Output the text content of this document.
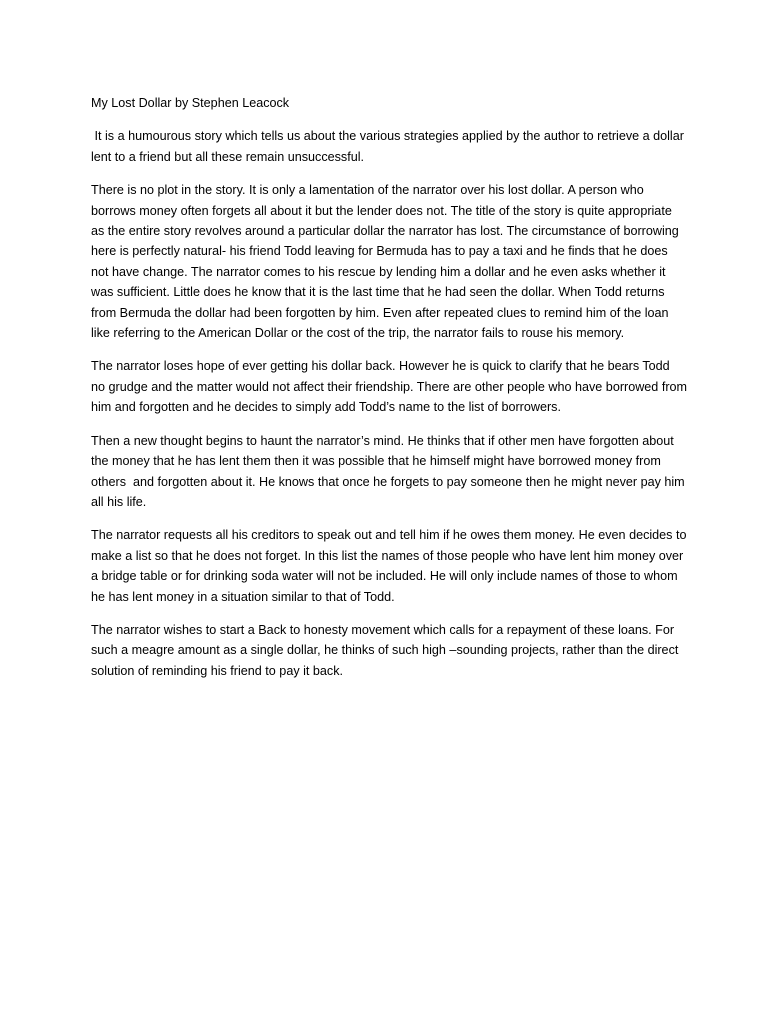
My Lost Dollar by Stephen Leacock

It is a humourous story which tells us about the various strategies applied by the author to retrieve a dollar lent to a friend but all these remain unsuccessful.

There is no plot in the story. It is only a lamentation of the narrator over his lost dollar. A person who borrows money often forgets all about it but the lender does not. The title of the story is quite appropriate as the entire story revolves around a particular dollar the narrator has lost. The circumstance of borrowing here is perfectly natural- his friend Todd leaving for Bermuda has to pay a taxi and he finds that he does not have change. The narrator comes to his rescue by lending him a dollar and he even asks whether it was sufficient. Little does he know that it is the last time that he had seen the dollar. When Todd returns from Bermuda the dollar had been forgotten by him. Even after repeated clues to remind him of the loan like referring to the American Dollar or the cost of the trip, the narrator fails to rouse his memory.

The narrator loses hope of ever getting his dollar back. However he is quick to clarify that he bears Todd no grudge and the matter would not affect their friendship. There are other people who have borrowed from him and forgotten and he decides to simply add Todd’s name to the list of borrowers.

Then a new thought begins to haunt the narrator’s mind. He thinks that if other men have forgotten about the money that he has lent them then it was possible that he himself might have borrowed money from others  and forgotten about it. He knows that once he forgets to pay someone then he might never pay him all his life.

The narrator requests all his creditors to speak out and tell him if he owes them money. He even decides to make a list so that he does not forget. In this list the names of those people who have lent him money over a bridge table or for drinking soda water will not be included. He will only include names of those to whom he has lent money in a situation similar to that of Todd.

The narrator wishes to start a Back to honesty movement which calls for a repayment of these loans. For such a meagre amount as a single dollar, he thinks of such high –sounding projects, rather than the direct solution of reminding his friend to pay it back.
